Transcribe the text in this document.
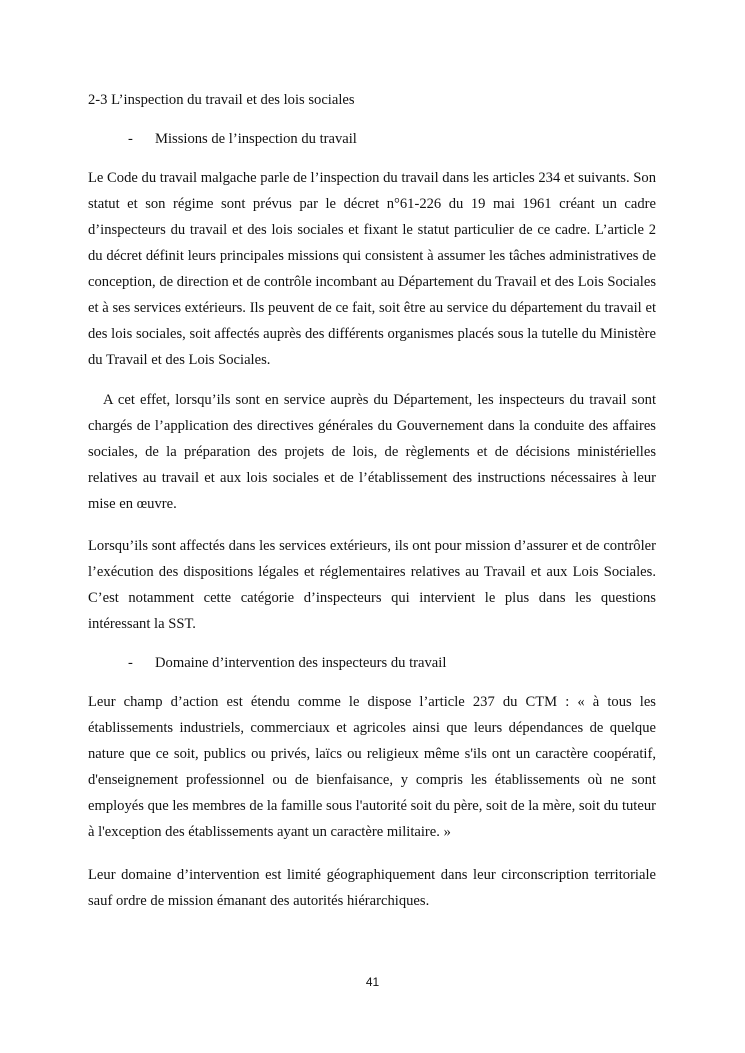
2-3 L’inspection du travail et des lois sociales

- Missions de l’inspection du travail

Le Code du travail malgache parle de l’inspection du travail dans les articles 234 et suivants. Son statut et son régime sont prévus par le décret n°61-226 du 19 mai 1961 créant un cadre d’inspecteurs du travail et des lois sociales et fixant le statut particulier de ce cadre. L’article 2 du décret définit leurs principales missions qui consistent à assumer les tâches administratives de conception, de direction et de contrôle incombant au Département du Travail et des Lois Sociales et à ses services extérieurs. Ils peuvent de ce fait, soit être au service du département du travail et des lois sociales, soit affectés auprès des différents organismes placés sous la tutelle du Ministère du Travail et des Lois Sociales.

A cet effet, lorsqu’ils sont en service auprès du Département, les inspecteurs du travail sont chargés de l’application des directives générales du Gouvernement dans la conduite des affaires sociales, de la préparation des projets de lois, de règlements et de décisions ministérielles relatives au travail et aux lois sociales et de l’établissement des instructions nécessaires à leur mise en œuvre.

Lorsqu’ils sont affectés dans les services extérieurs, ils ont pour mission d’assurer et de contrôler l’exécution des dispositions légales et réglementaires relatives au Travail et aux Lois Sociales. C’est notamment cette catégorie d’inspecteurs qui intervient le plus dans les questions intéressant la SST.

- Domaine d’intervention des inspecteurs du travail

Leur champ d’action est étendu comme le dispose l’article 237 du CTM : « à tous les établissements industriels, commerciaux et agricoles ainsi que leurs dépendances de quelque nature que ce soit, publics ou privés, laïcs ou religieux même s'ils ont un caractère coopératif, d'enseignement professionnel ou de bienfaisance, y compris les établissements où ne sont employés que les membres de la famille sous l'autorité soit du père, soit de la mère, soit du tuteur à l'exception des établissements ayant un caractère militaire. »

Leur domaine d’intervention est limité géographiquement dans leur circonscription territoriale sauf ordre de mission émanant des autorités hiérarchiques.

41
